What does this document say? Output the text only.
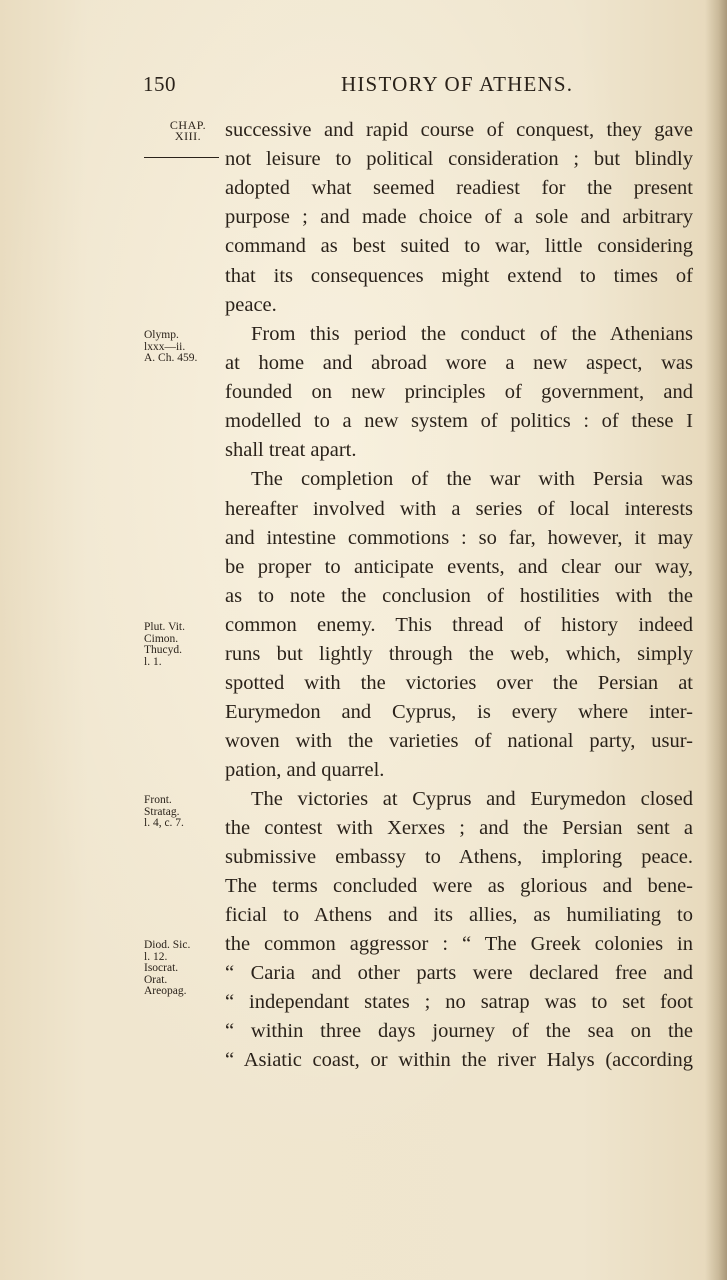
150	HISTORY OF ATHENS.
CHAP.
XIII.	successive and rapid course of conquest, they gave
not leisure to political consideration ; but blindly
adopted what seemed readiest for the present
purpose ; and made choice of a sole and arbitrary
command as best suited to war, little considering
that its consequences might extend to times of
peace.
From this period the conduct of the Athenians
at home and abroad wore a new aspect, was
founded on new principles of government, and
modelled to a new system of politics : of these I
shall treat apart.
The completion of the war with Persia was
hereafter involved with a series of local interests
and intestine commotions : so far, however, it may
be proper to anticipate events, and clear our way,
as to note the conclusion of hostilities with the
common enemy. This thread of history indeed
runs but lightly through the web, which, simply
spotted with the victories over the Persian at
Eurymedon and Cyprus, is every where inter-
woven with the varieties of national party, usur-
pation, and quarrel.
The victories at Cyprus and Eurymedon closed
the contest with Xerxes ; and the Persian sent a
submissive embassy to Athens, imploring peace.
The terms concluded were as glorious and bene-
ficial to Athens and its allies, as humiliating to
the common aggressor : “ The Greek colonies in
“ Caria and other parts were declared free and
“ independant states ; no satrap was to set foot
“ within three days journey of the sea on the
“ Asiatic coast, or within the river Halys (according
Olymp.
lxxx—ii.
A. Ch. 459.
Plut. Vit.
Cimon.
Thucyd.
l. 1.
Front.
Stratag.
l. 4, c. 7.
Diod. Sic.
l. 12.
Isocrat.
Orat.
Areopag.
